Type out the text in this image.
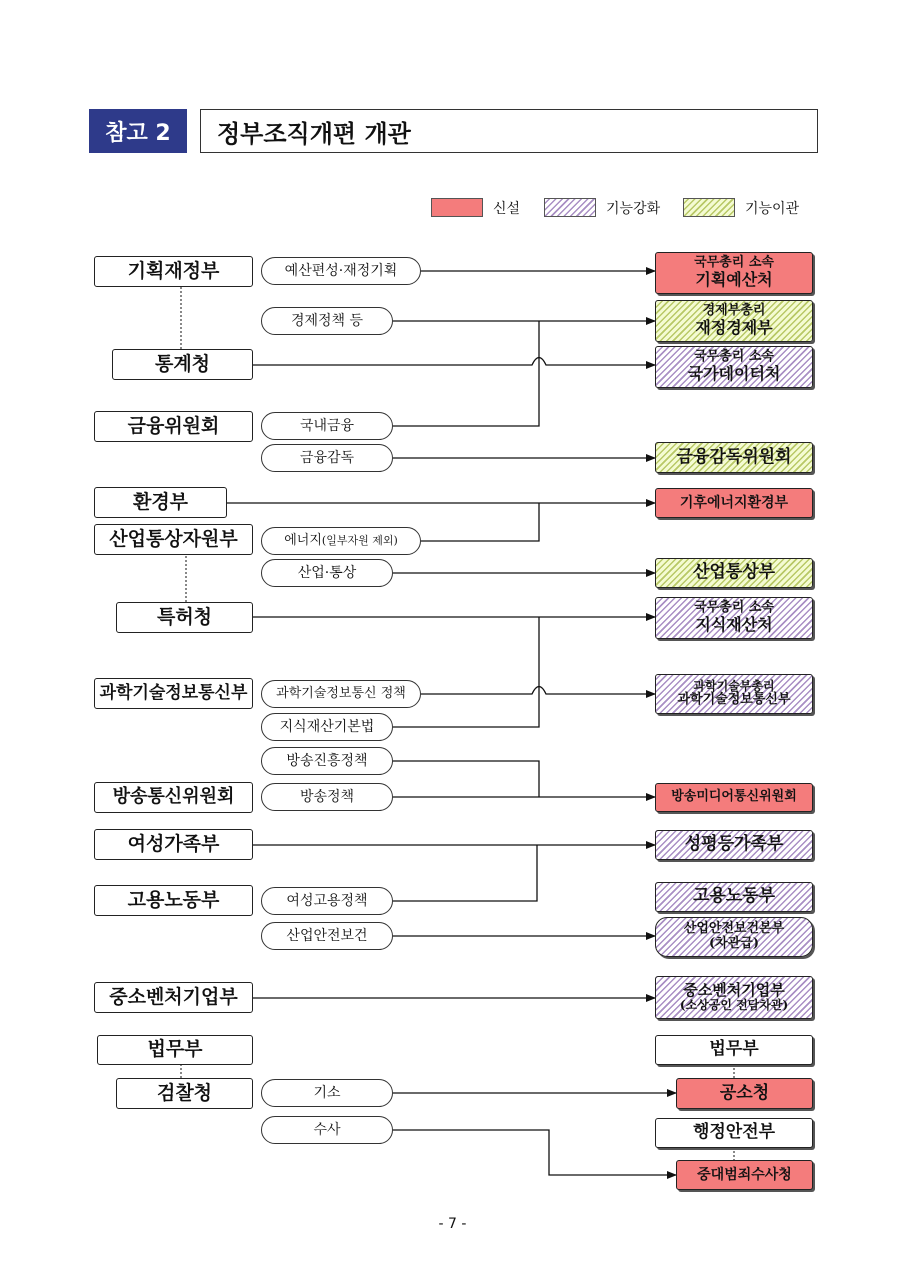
참고 2	정부조직개편 개관
신설	기능강화	기능이관
기획재정부
통계청
금융위원회
환경부
산업통상자원부
특허청
과학기술정보통신부
방송통신위원회
여성가족부
고용노동부
중소벤처기업부
법무부
검찰청
예산편성·재정기획
경제정책 등
국내금융
금융감독
에너지 (일부자원 제외)
산업·통상
과학기술정보통신 정책
지식재산기본법
방송진흥정책
방송정책
여성고용정책
산업안전보건
기소
수사
국무총리 소속
기획예산처
경제부총리
재정경제부
국무총리 소속
국가데이터처
금융감독위원회
기후에너지환경부
산업통상부
국무총리 소속
지식재산처
과학기술부총리
과학기술정보통신부
방송미디어통신위원회
성평등가족부
고용노동부
산업안전보건본부
(차관급)
중소벤처기업부
(소상공인 전담차관)
법무부
공소청
행정안전부
중대범죄수사청
- 7 -
